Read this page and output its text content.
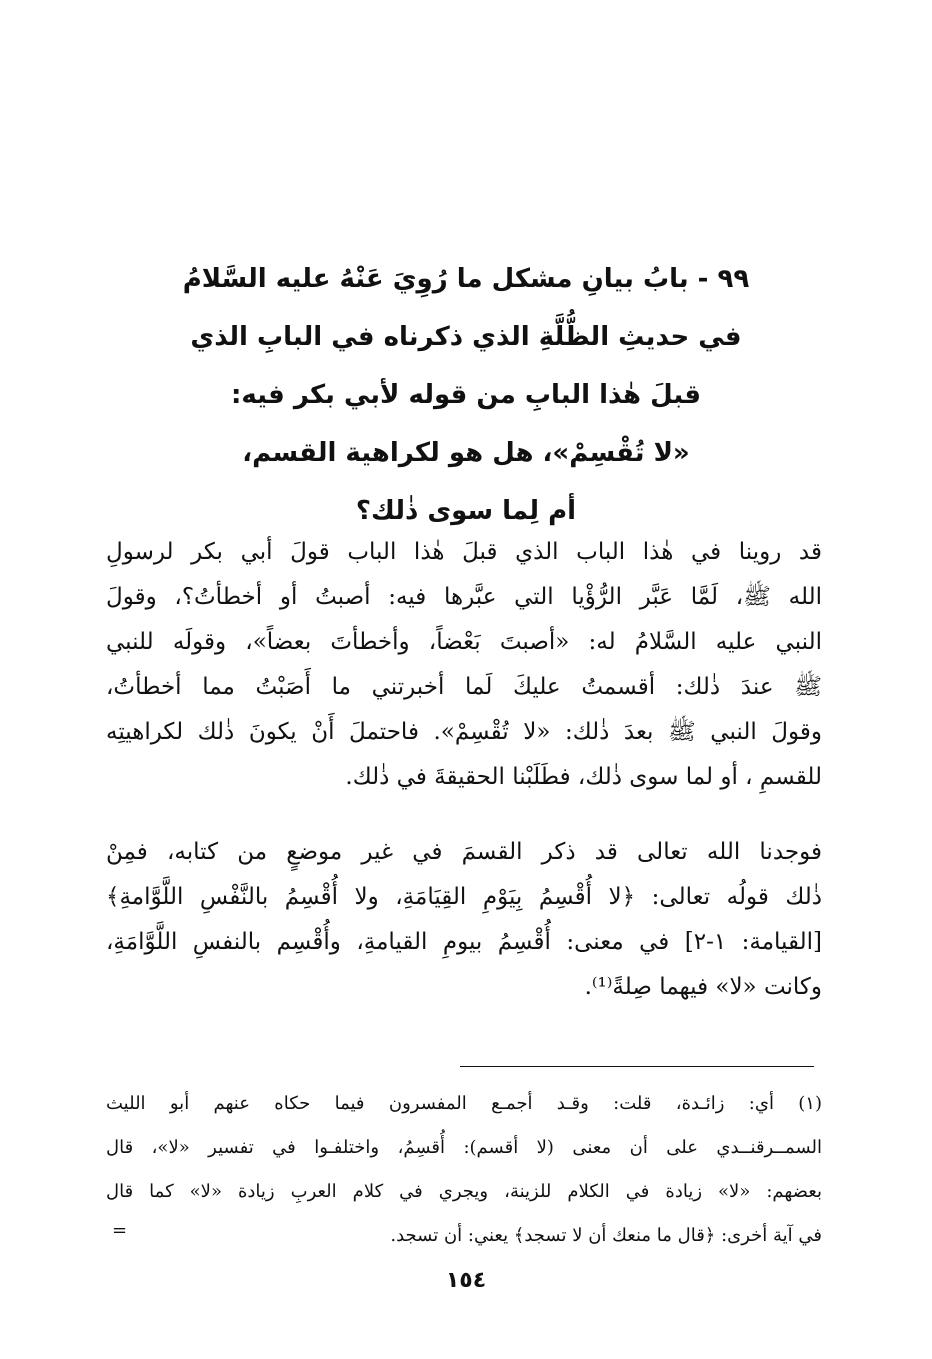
٩٩ - بابُ بيانِ مشكل ما رُوِيَ عَنْهُ عليه السَّلامُ
في حديثِ الظُّلَّةِ الذي ذكرناه في البابِ الذي
قبلَ هٰذا البابِ من قوله لأبي بكر فيه:
«لا تُقْسِمْ»، هل هو لكراهية القسم،
أم لِما سوى ذٰلك؟
قد روينا في هٰذا الباب الذي قبلَ هٰذا الباب قولَ أبي بكر لرسولِ
الله ﷺ، لَمَّا عَبَّر الرُّؤْيا التي عبَّرها فيه: أصبتُ أو أخطأتُ؟، وقولَ
النبي عليه السَّلامُ له: «أصبتَ بَعْضاً، وأخطأتَ بعضاً»، وقولَه للنبي
ﷺ عندَ ذٰلك: أقسمتُ عليكَ لَما أخبرتني ما أَصَبْتُ مما أخطأتُ،
وقولَ النبي ﷺ بعدَ ذٰلك: «لا تُقْسِمْ». فاحتملَ أَنْ يكونَ ذٰلك لكراهيتِه
للقسمِ ، أو لما سوى ذٰلك، فطَلَبْنا الحقيقةَ في ذٰلك.
فوجدنا الله تعالى قد ذكر القسمَ في غير موضعٍ من كتابه، فمِنْ
ذٰلك قولُه تعالى: ﴿لا أُقْسِمُ بِيَوْمِ القِيَامَةِ، ولا أُقْسِمُ بالنَّفْسِ اللَّوَّامةِ﴾
[القيامة: ١-٢] في معنى: أُقْسِمُ بيومِ القيامةِ، وأُقْسِم بالنفسِ اللَّوَّامَةِ،
وكانت «لا» فيهما صِلةً⁽¹⁾.
(١) أي: زائـدة، قلت: وقـد أجمـع المفسرون فيما حكاه عنهم أبو الليث
السمــرقنــدي على أن معنى (لا أقسم): أُقسِمُ، واختلفـوا في تفسير «لا»، قال
بعضهم: «لا» زيادة في الكلام للزينة، ويجري في كلام العربِ زيادة «لا» كما قال
في آية أخرى: ﴿قال ما منعك أن لا تسجد﴾ يعني: أن تسجد.
=
١٥٤
